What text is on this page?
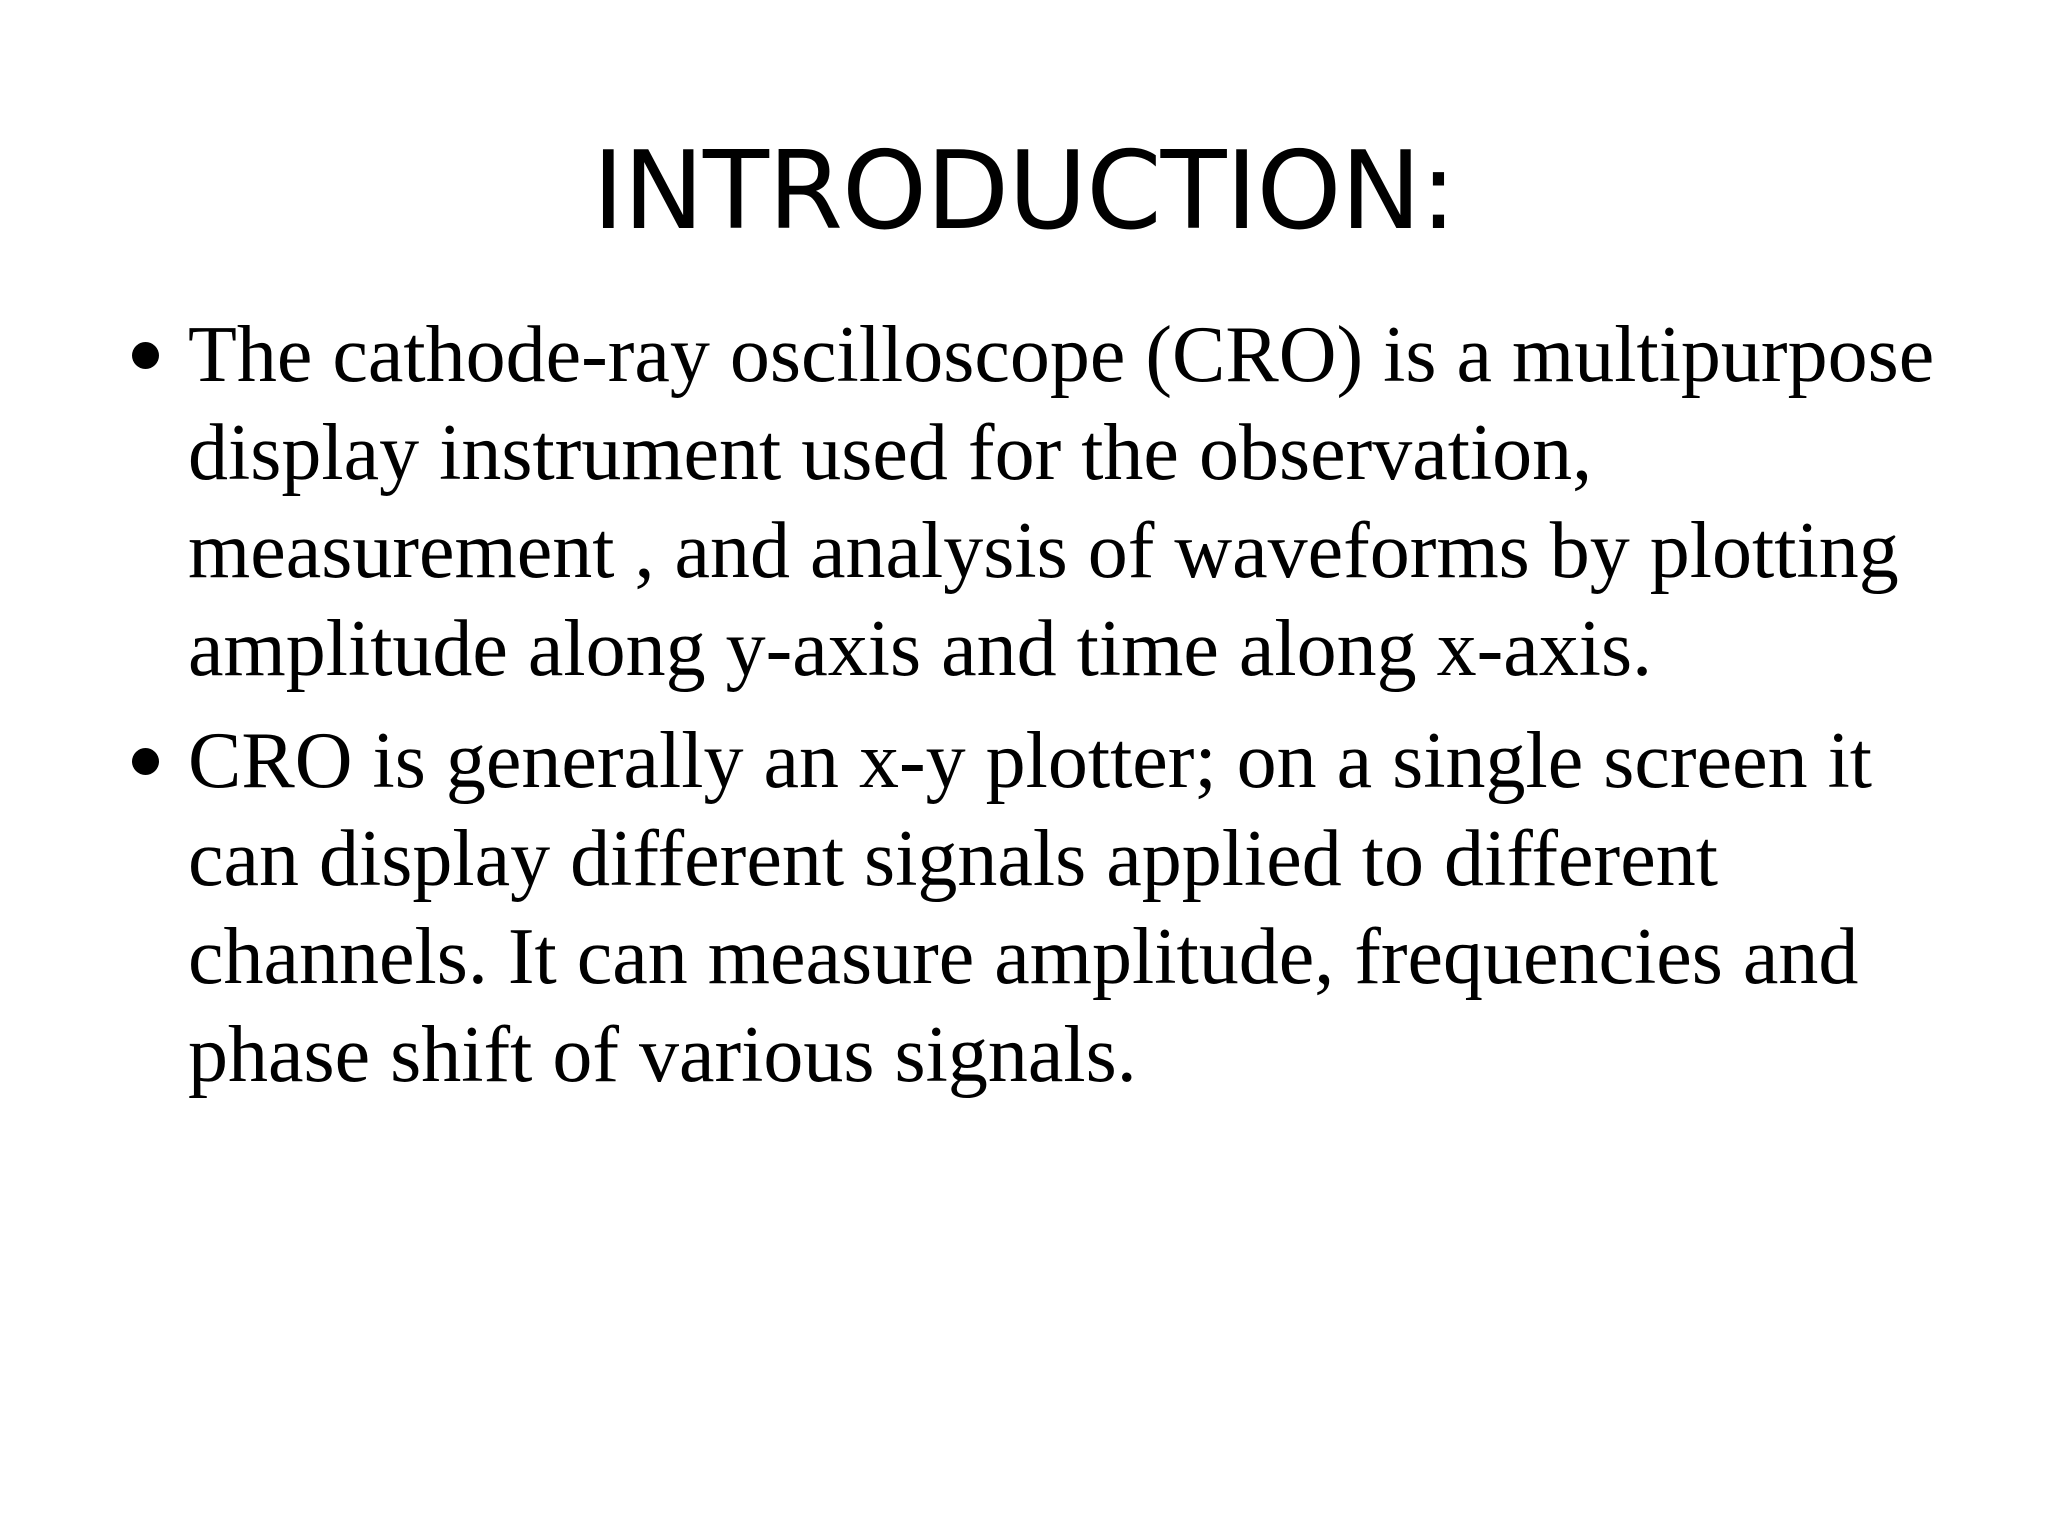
INTRODUCTION:
The cathode-ray oscilloscope (CRO) is a multipurpose display instrument used for the observation, measurement , and analysis of waveforms by plotting amplitude along y-axis and time along x-axis.
CRO is generally an x-y plotter; on a single screen it can display different signals applied to different channels. It can measure amplitude, frequencies and phase shift of various signals.
